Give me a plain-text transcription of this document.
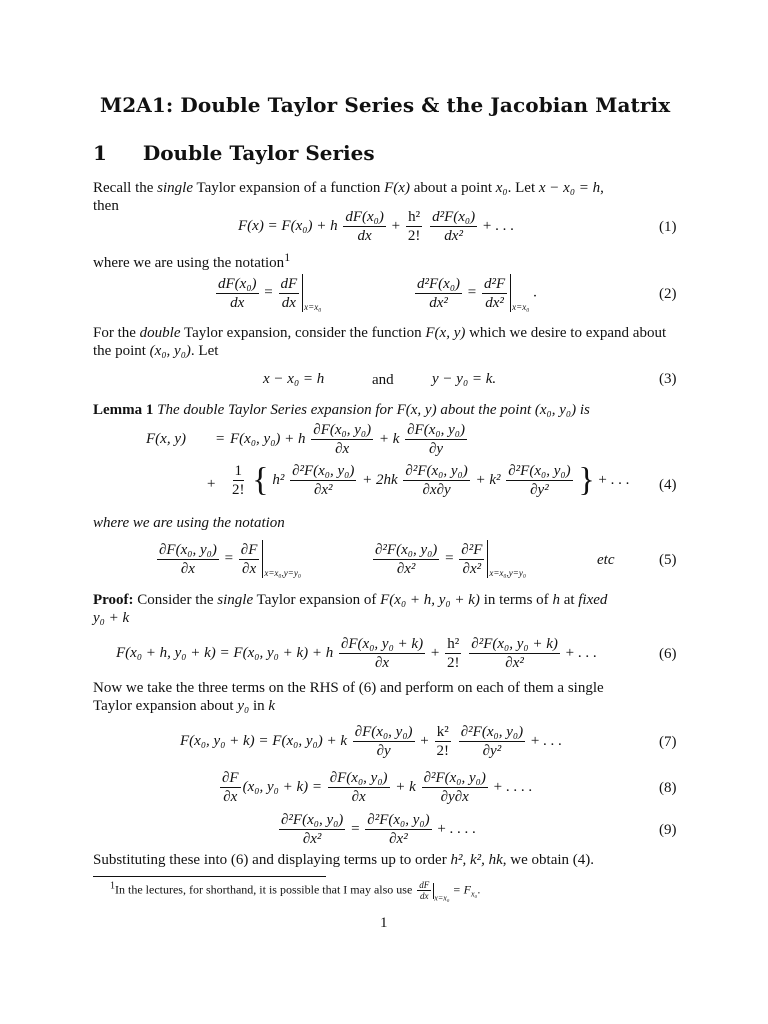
M2A1: Double Taylor Series & the Jacobian Matrix
1 Double Taylor Series
Recall the single Taylor expansion of a function F(x) about a point x₀. Let x − x₀ = h,
then
F(x) = F(x₀) + h $\frac{\text{dF(x₀)}}{dx} + \frac{\text{h²}}{2!}$
$\frac{\text{d²F(x₀)}}{\text{dx²}}$ + . . .	(1)
where we are using the notation$^1$
$\frac{\text{dF(x₀)}}{dx} = \frac{dF}{dx} _{x=x_0}$	$\frac{\text{d²F(x₀)}}{\text{dx²}} = \frac{\text{d²F}}{\text{dx²}} _{x=x_0}$ .	(2)
For the double Taylor expansion, consider the function F(x, y) which we desire to expand about the point (x₀, y₀). Let
x − x₀ = h	and	y − y₀ = k.	(3)
Lemma 1 The double Taylor Series expansion for F(x, y) about the point (x₀, y₀) is
F(x, y) = F(x₀, y₀) + h $\frac{\text{∂F(x₀, y₀)}}{\partial x} + k \frac{\text{∂F(x₀, y₀)}}{\partial y}$
+ $\frac{1}{2!}$ { $h^2 \frac{\text{∂²F(x₀, y₀)}}{\text{∂x²}} + 2hk \frac{\text{∂²F(x₀, y₀)}}{\partial x\partial y} + k^2 \frac{\text{∂²F(x₀, y₀)}}{\text{∂y²}}$ } + . . . (4)
where we are using the notation
$\frac{\text{∂F(x₀, y₀)}}{\partial x} = \frac{\partial F}{\partial x} _{x=x_0,y=y_0}$	$\frac{\text{∂²F(x₀, y₀)}}{\text{∂x²}} = \frac{\text{∂²F}}{\text{∂x²}} _{x=x_0,y=y_0}$
etc	(5)
Proof: Consider the single Taylor expansion of F(x₀ + h, y₀ + k) in terms of h at fixed
y₀ + k
F(x₀ + h, y₀ + k) = F(x₀, y₀ + k) + h $\frac{\text{∂F(x₀, y₀ + k)}}{\partial x} + \frac{\text{h²}}{2!}$
$\frac{\text{∂²F(x₀, y₀ + k)}}{\text{∂x²}}$ + . . .	(6)
Now we take the three terms on the RHS of (6) and perform on each of them a single
Taylor expansion about y₀ in k
F(x₀, y₀ + k) = F(x₀, y₀) + k $\frac{\text{∂F(x₀, y₀)}}{\partial y} + \frac{\text{k²}}{2!}$
$\frac{\text{∂²F(x₀, y₀)}}{\text{∂y²}}$ + . . .	(7)
$\frac{\partial F}{\partial x} (x_0$, $y_0 + k) = \frac{\text{∂F(x₀, y₀)}}{\partial x} + k \frac{\text{∂²F(x₀, y₀)}}{\partial y\partial x}$ + . . . .	(8)
$\frac{\text{∂²F(x₀, y₀)}}{\text{∂x²}} = \frac{\text{∂²F(x₀, y₀)}}{\text{∂x²}}$ + . . . .	(9)
Substituting these into (6) and displaying terms up to order h², k², hk, we obtain (4).
$^1$In the lectures, for shorthand, it is possible that I may also use $\frac{dF}{dx} _{x=x_0} = F_{x_0}$.
1
